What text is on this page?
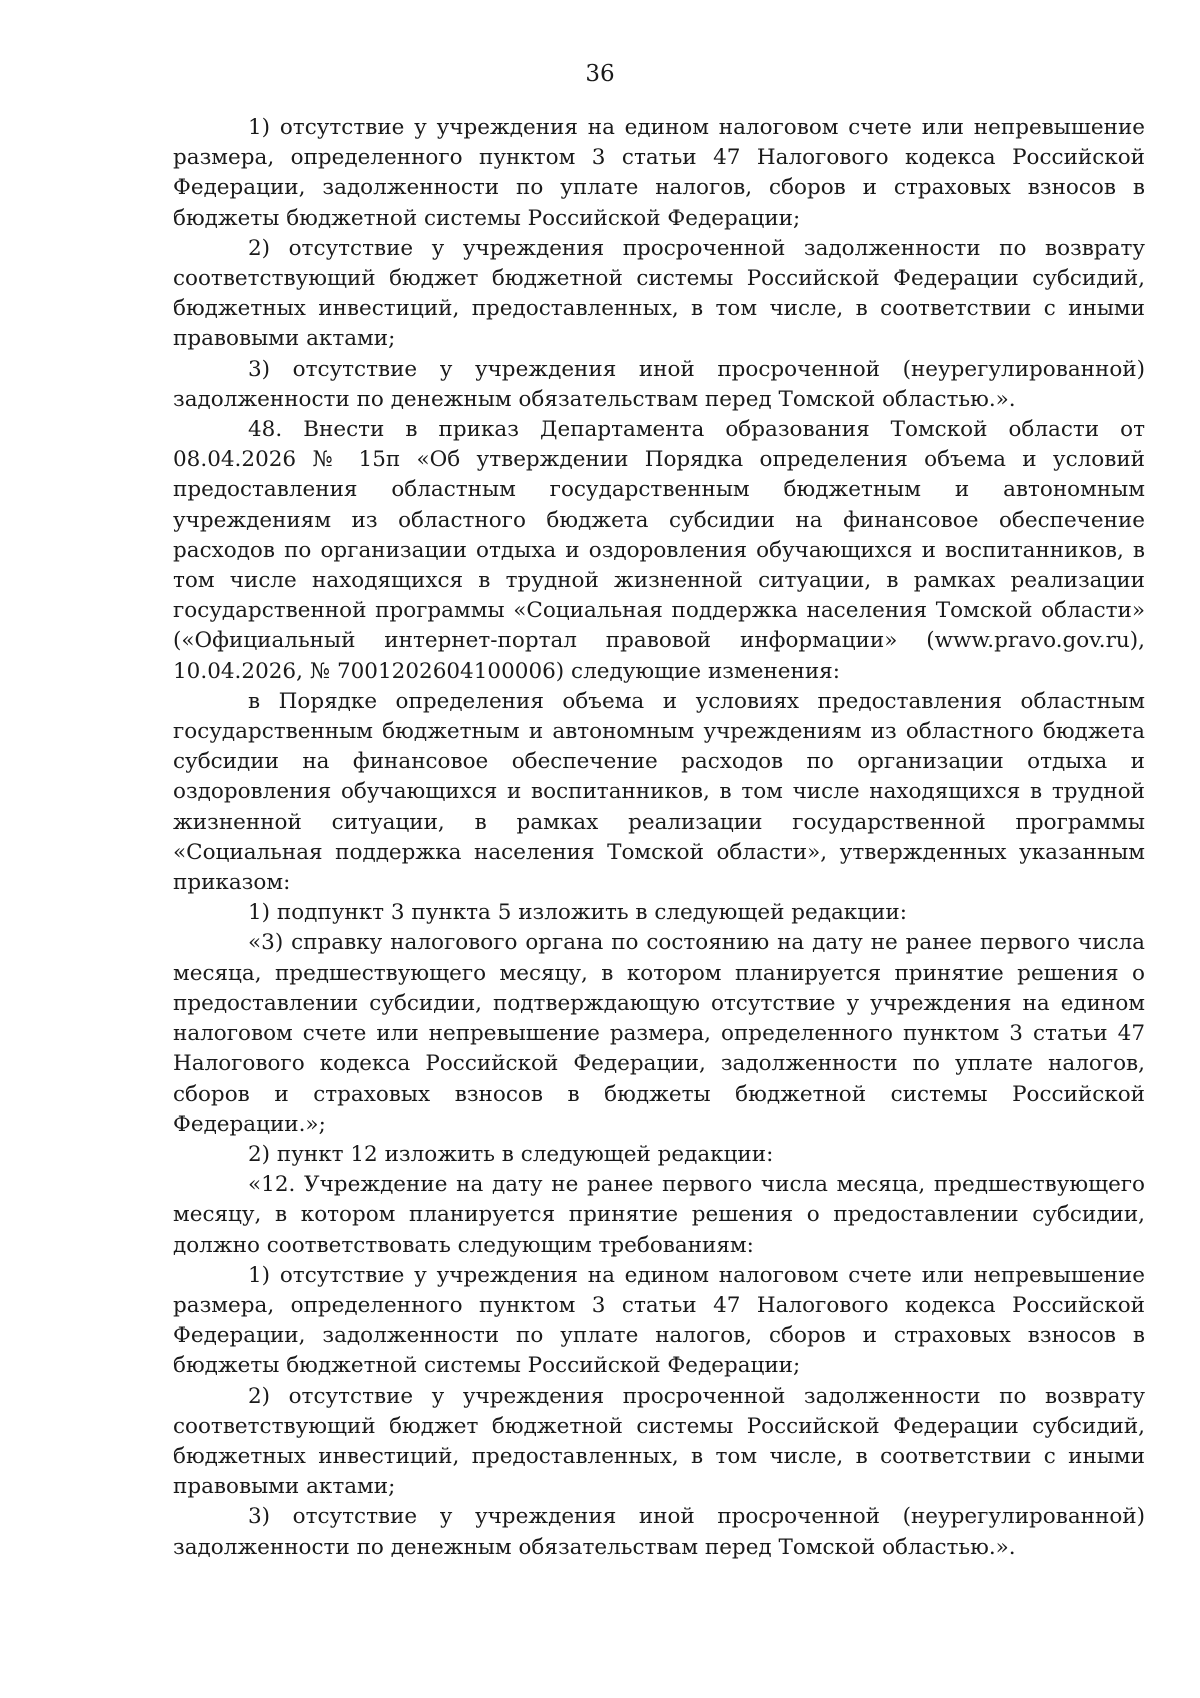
36

1) отсутствие у учреждения на едином налоговом счете или непревышение размера, определенного пунктом 3 статьи 47 Налогового кодекса Российской Федерации, задолженности по уплате налогов, сборов и страховых взносов в бюджеты бюджетной системы Российской Федерации;

2) отсутствие у учреждения просроченной задолженности по возврату соответствующий бюджет бюджетной системы Российской Федерации субсидий, бюджетных инвестиций, предоставленных, в том числе, в соответствии с иными правовыми актами;

3) отсутствие у учреждения иной просроченной (неурегулированной) задолженности по денежным обязательствам перед Томской областью.».

48. Внести в приказ Департамента образования Томской области от 08.04.2026 № 15п «Об утверждении Порядка определения объема и условий предоставления областным государственным бюджетным и автономным учреждениям из областного бюджета субсидии на финансовое обеспечение расходов по организации отдыха и оздоровления обучающихся и воспитанников, в том числе находящихся в трудной жизненной ситуации, в рамках реализации государственной программы «Социальная поддержка населения Томской области» («Официальный интернет-портал правовой информации» (www.pravo.gov.ru), 10.04.2026, № 7001202604100006) следующие изменения:

в Порядке определения объема и условиях предоставления областным государственным бюджетным и автономным учреждениям из областного бюджета субсидии на финансовое обеспечение расходов по организации отдыха и оздоровления обучающихся и воспитанников, в том числе находящихся в трудной жизненной ситуации, в рамках реализации государственной программы «Социальная поддержка населения Томской области», утвержденных указанным приказом:

1) подпункт 3 пункта 5 изложить в следующей редакции:

«3) справку налогового органа по состоянию на дату не ранее первого числа месяца, предшествующего месяцу, в котором планируется принятие решения о предоставлении субсидии, подтверждающую отсутствие у учреждения на едином налоговом счете или непревышение размера, определенного пунктом 3 статьи 47 Налогового кодекса Российской Федерации, задолженности по уплате налогов, сборов и страховых взносов в бюджеты бюджетной системы Российской Федерации.»;

2) пункт 12 изложить в следующей редакции:

«12. Учреждение на дату не ранее первого числа месяца, предшествующего месяцу, в котором планируется принятие решения о предоставлении субсидии, должно соответствовать следующим требованиям:

1) отсутствие у учреждения на едином налоговом счете или непревышение размера, определенного пунктом 3 статьи 47 Налогового кодекса Российской Федерации, задолженности по уплате налогов, сборов и страховых взносов в бюджеты бюджетной системы Российской Федерации;

2) отсутствие у учреждения просроченной задолженности по возврату соответствующий бюджет бюджетной системы Российской Федерации субсидий, бюджетных инвестиций, предоставленных, в том числе, в соответствии с иными правовыми актами;

3) отсутствие у учреждения иной просроченной (неурегулированной) задолженности по денежным обязательствам перед Томской областью.».
